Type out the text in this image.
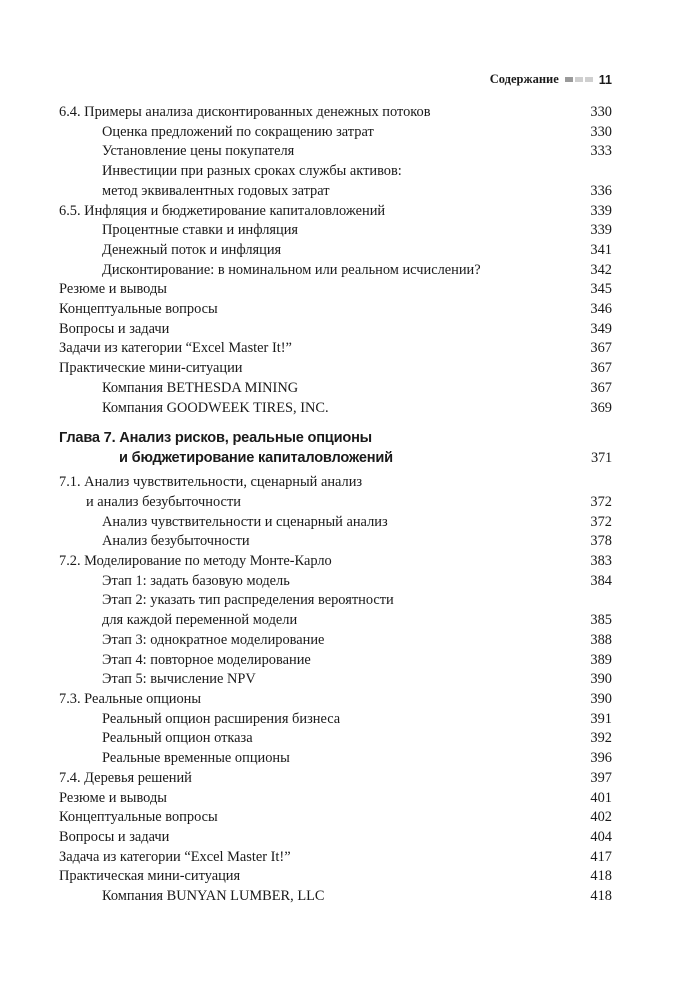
Содержание	11
6.4. Примеры анализа дисконтированных денежных потоков	330
Оценка предложений по сокращению затрат	330
Установление цены покупателя	333
Инвестиции при разных сроках службы активов:
метод эквивалентных годовых затрат	336
6.5. Инфляция и бюджетирование капиталовложений	339
Процентные ставки и инфляция	339
Денежный поток и инфляция	341
Дисконтирование: в номинальном или реальном исчислении?	342
Резюме и выводы	345
Концептуальные вопросы	346
Вопросы и задачи	349
Задачи из категории “Excel Master It!”	367
Практические мини-ситуации	367
Компания BETHESDA MINING	367
Компания GOODWEEK TIRES, INC.	369
Глава 7. Анализ рисков, реальные опционы
и бюджетирование капиталовложений	371
7.1. Анализ чувствительности, сценарный анализ
и анализ безубыточности	372
Анализ чувствительности и сценарный анализ	372
Анализ безубыточности	378
7.2. Моделирование по методу Монте-Карло	383
Этап 1: задать базовую модель	384
Этап 2: указать тип распределения вероятности
для каждой переменной модели	385
Этап 3: однократное моделирование	388
Этап 4: повторное моделирование	389
Этап 5: вычисление NPV	390
7.3. Реальные опционы	390
Реальный опцион расширения бизнеса	391
Реальный опцион отказа	392
Реальные временные опционы	396
7.4. Деревья решений	397
Резюме и выводы	401
Концептуальные вопросы	402
Вопросы и задачи	404
Задача из категории “Excel Master It!”	417
Практическая мини-ситуация	418
Компания BUNYAN LUMBER, LLC	418
